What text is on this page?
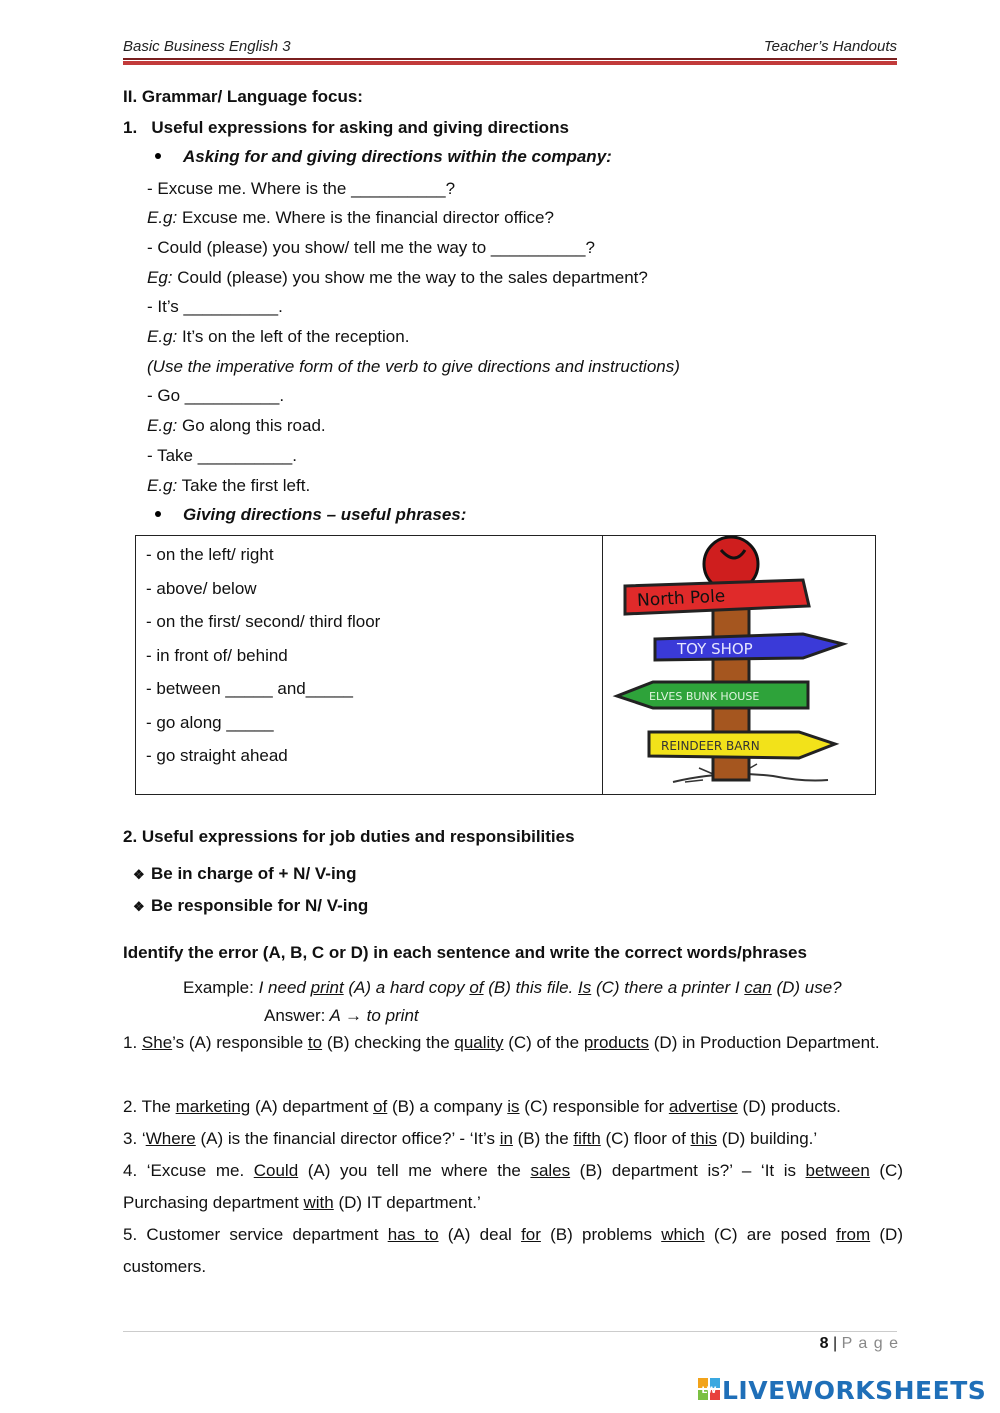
Basic Business English 3	Teacher’s Handouts
II. Grammar/ Language focus:
1. Useful expressions for asking and giving directions
Asking for and giving directions within the company:
- Excuse me. Where is the __________?
E.g: Excuse me. Where is the financial director office?
- Could (please) you show/ tell me the way to __________?
Eg: Could (please) you show me the way to the sales department?
- It’s __________.
E.g: It’s on the left of the reception.
(Use the imperative form of the verb to give directions and instructions)
- Go __________.
E.g: Go along this road.
- Take __________.
E.g: Take the first left.
Giving directions – useful phrases:
- on the left/ right
- above/ below
- on the first/ second/ third floor
- in front of/ behind
- between _____ and_____
- go along _____
- go straight ahead

North Pole
TOY SHOP
ELVES BUNK HOUSE
REINDEER BARN
2. Useful expressions for job duties and responsibilities
❖ Be in charge of + N/ V-ing
❖ Be responsible for N/ V-ing
Identify the error (A, B, C or D) in each sentence and write the correct words/phrases
Example: I need print (A) a hard copy of (B) this file. Is (C) there a printer I can (D) use?
Answer: A → to print
1. She’s (A) responsible to (B) checking the quality (C) of the products (D) in Production Department.
2. The marketing (A) department of (B) a company is (C) responsible for advertise (D) products.
3. ‘Where (A) is the financial director office?’ - ‘It’s in (B) the fifth (C) floor of this (D) building.’
4. ‘Excuse me. Could (A) you tell me where the sales (B) department is?’ – ‘It is between (C) Purchasing department with (D) IT department.’
5. Customer service department has to (A) deal for (B) problems which (C) are posed from (D) customers.
8 | P a g e
LW LIVEWORKSHEETS
